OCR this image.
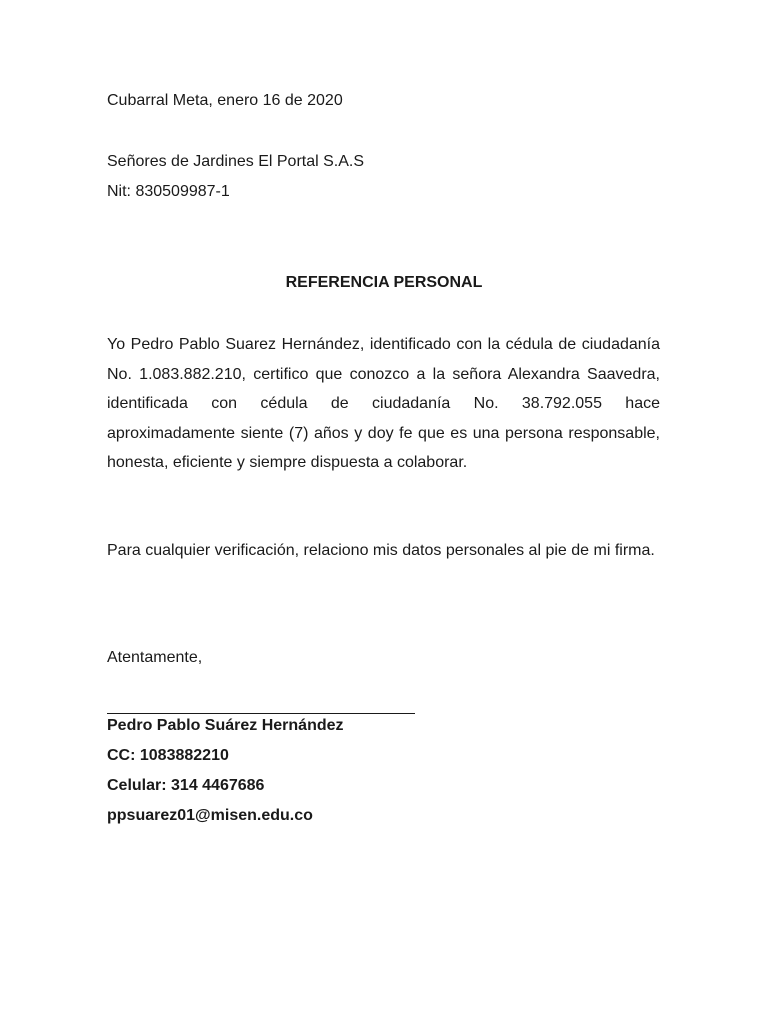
Cubarral Meta, enero 16 de 2020
Señores de Jardines El Portal S.A.S
Nit: 830509987-1
REFERENCIA PERSONAL
Yo Pedro Pablo Suarez Hernández, identificado con la cédula de ciudadanía No. 1.083.882.210, certifico que conozco a la señora Alexandra Saavedra, identificada con cédula de ciudadanía No. 38.792.055 hace aproximadamente siente (7) años y doy fe que es una persona responsable, honesta, eficiente y siempre dispuesta a colaborar.
Para cualquier verificación, relaciono mis datos personales al pie de mi firma.
Atentamente,
Pedro Pablo Suárez Hernández
CC: 1083882210
Celular: 314 4467686
ppsuarez01@misen.edu.co
